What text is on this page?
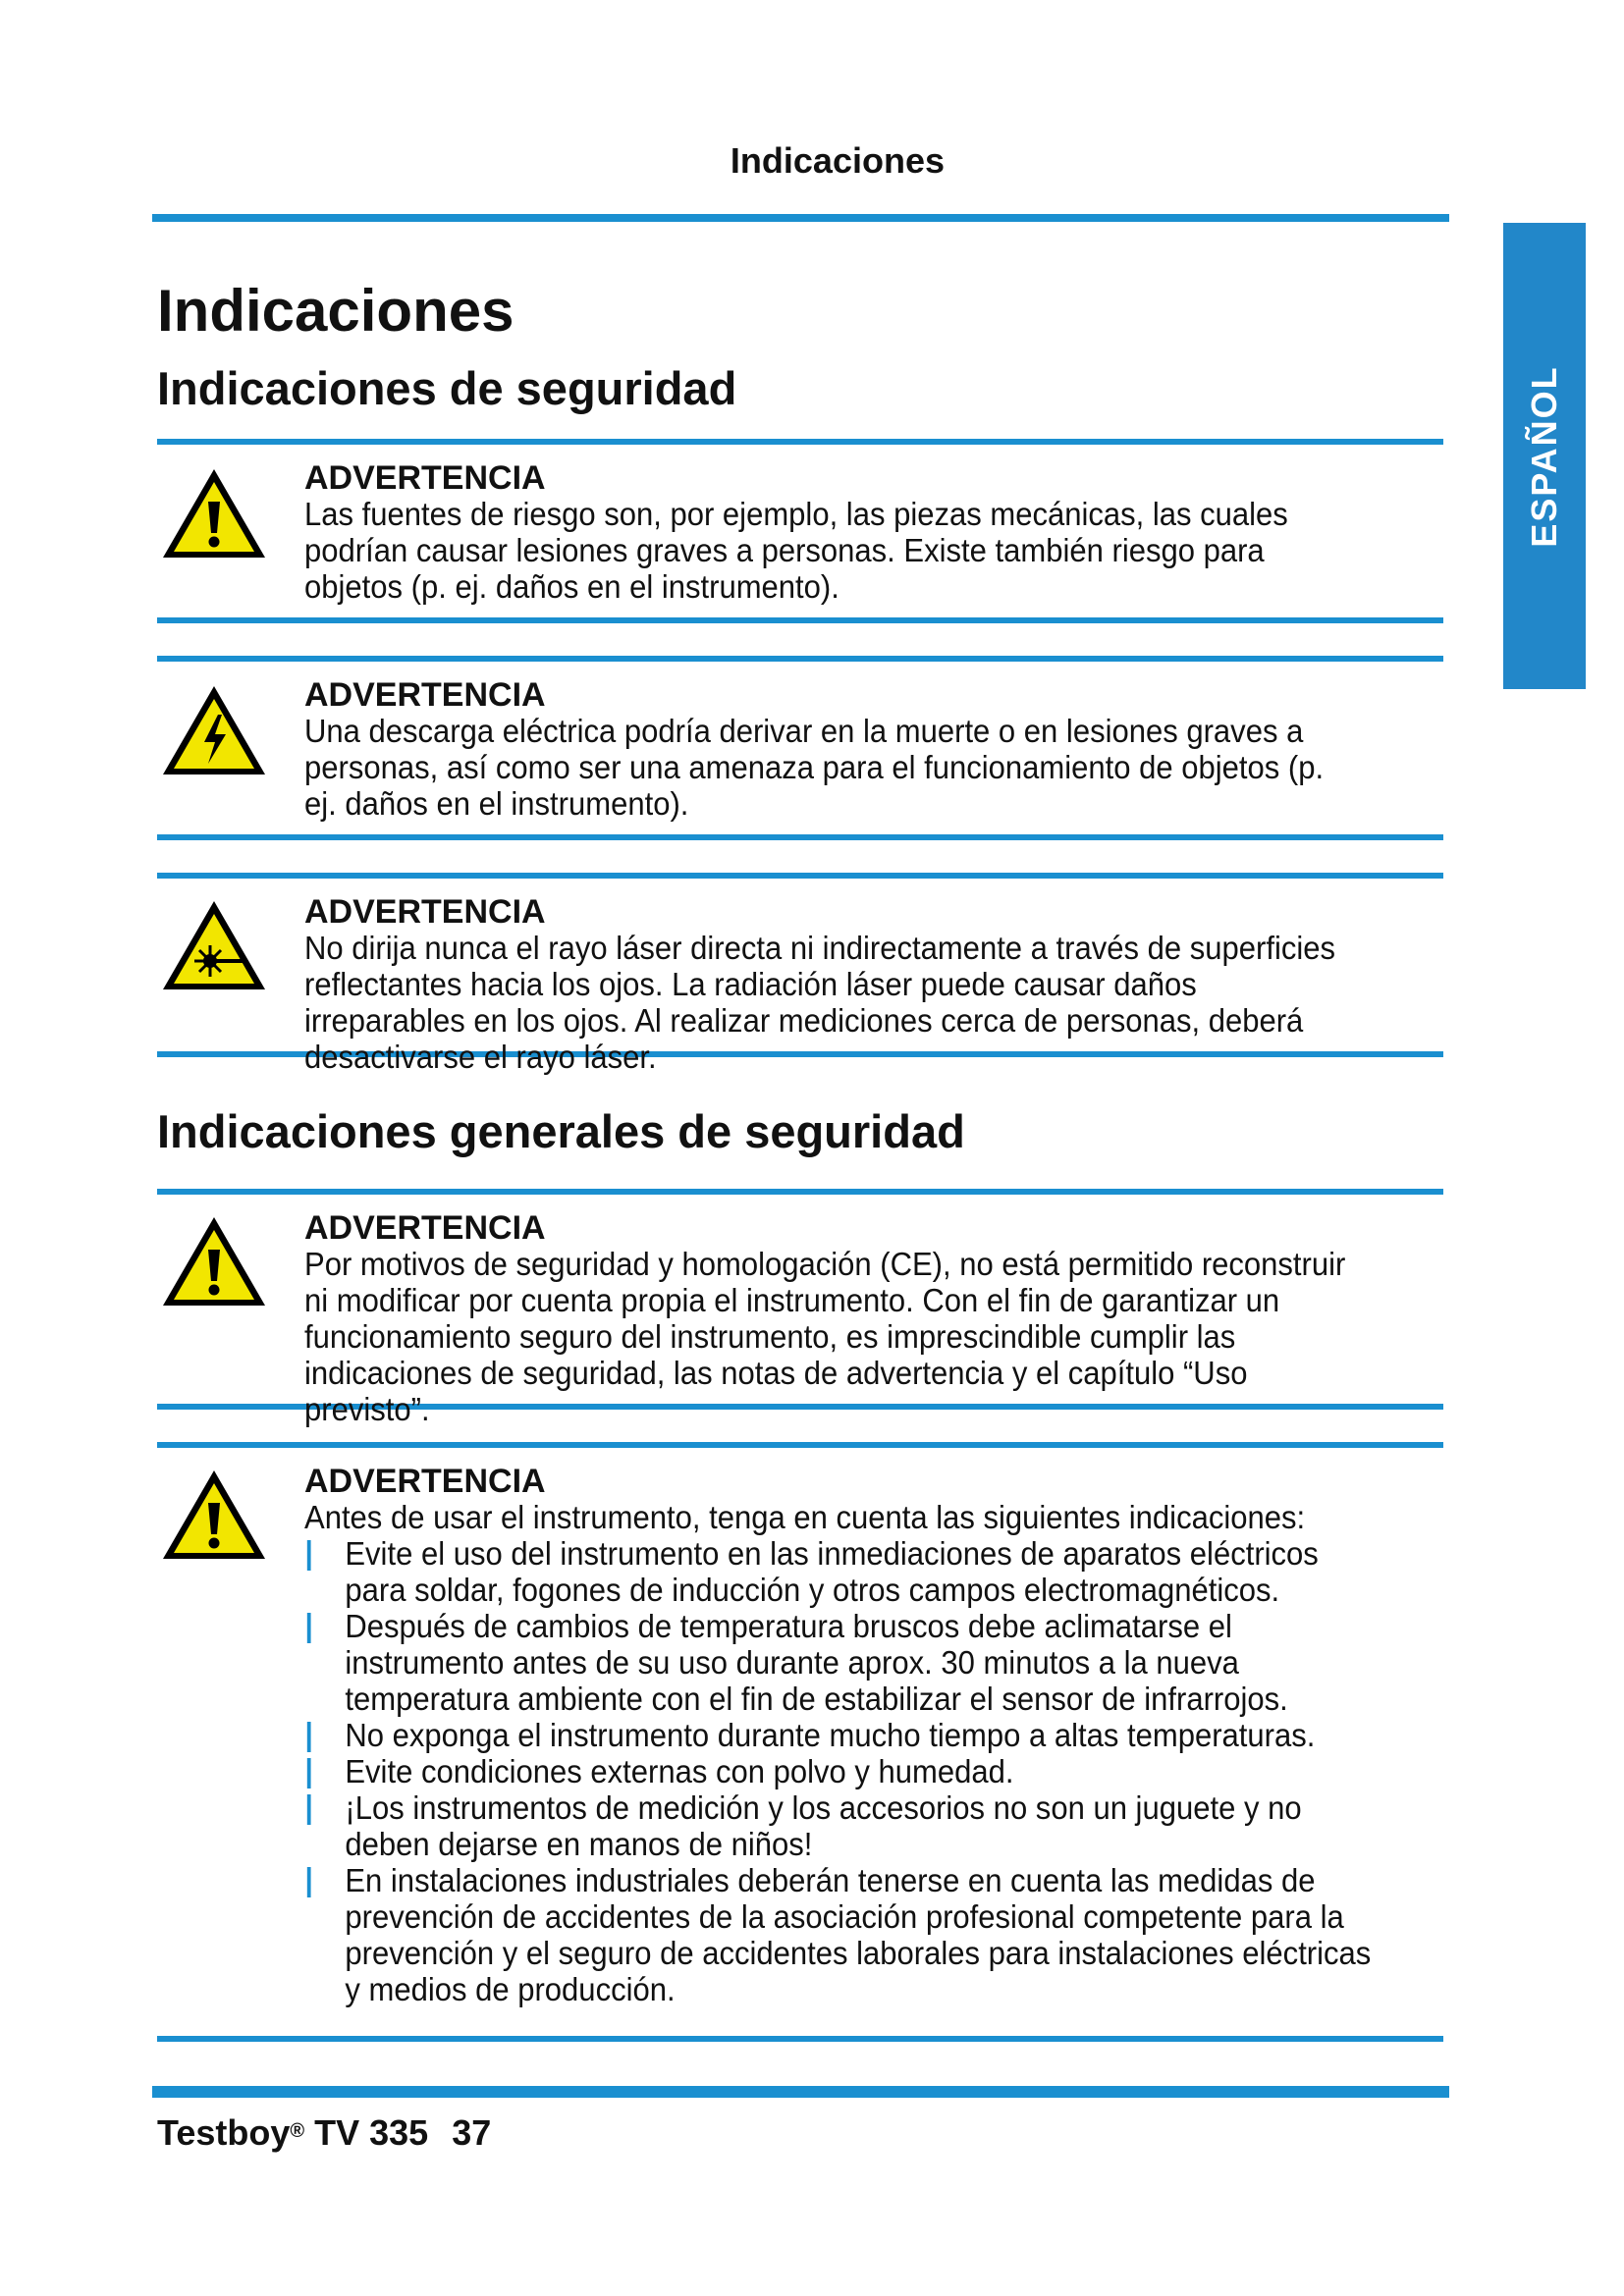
Indicaciones
ESPAÑOL
Indicaciones
Indicaciones de seguridad

ADVERTENCIA

Las fuentes de riesgo son, por ejemplo, las piezas mecánicas, las cuales podrían causar lesiones graves a personas. Existe también riesgo para objetos (p. ej. daños en el instrumento).

ADVERTENCIA

Una descarga eléctrica podría derivar en la muerte o en lesiones graves a personas, así como ser una amenaza para el funcionamiento de objetos (p. ej. daños en el instrumento).

ADVERTENCIA

No dirija nunca el rayo láser directa ni indirectamente a través de superficies reflectantes hacia los ojos. La radiación láser puede causar daños irreparables en los ojos. Al realizar mediciones cerca de personas, deberá desactivarse el rayo láser.

Indicaciones generales de seguridad

ADVERTENCIA

Por motivos de seguridad y homologación (CE), no está permitido reconstruir ni modificar por cuenta propia el instrumento. Con el fin de garantizar un funcionamiento seguro del instrumento, es imprescindible cumplir las indicaciones de seguridad, las notas de advertencia y el capítulo “Uso previsto”.

ADVERTENCIA

Antes de usar el instrumento, tenga en cuenta las siguientes indicaciones:

Evite el uso del instrumento en las inmediaciones de aparatos eléctricos para soldar, fogones de inducción y otros campos electromagnéticos.
Después de cambios de temperatura bruscos debe aclimatarse el instrumento antes de su uso durante aprox. 30 minutos a la nueva temperatura ambiente con el fin de estabilizar el sensor de infrarrojos.
No exponga el instrumento durante mucho tiempo a altas temperaturas.
Evite condiciones externas con polvo y humedad.
¡Los instrumentos de medición y los accesorios no son un juguete y no deben dejarse en manos de niños!
En instalaciones industriales deberán tenerse en cuenta las medidas de prevención de accidentes de la asociación profesional competente para la prevención y el seguro de accidentes laborales para instalaciones eléctricas y medios de producción.
Testboy® TV 335 37
